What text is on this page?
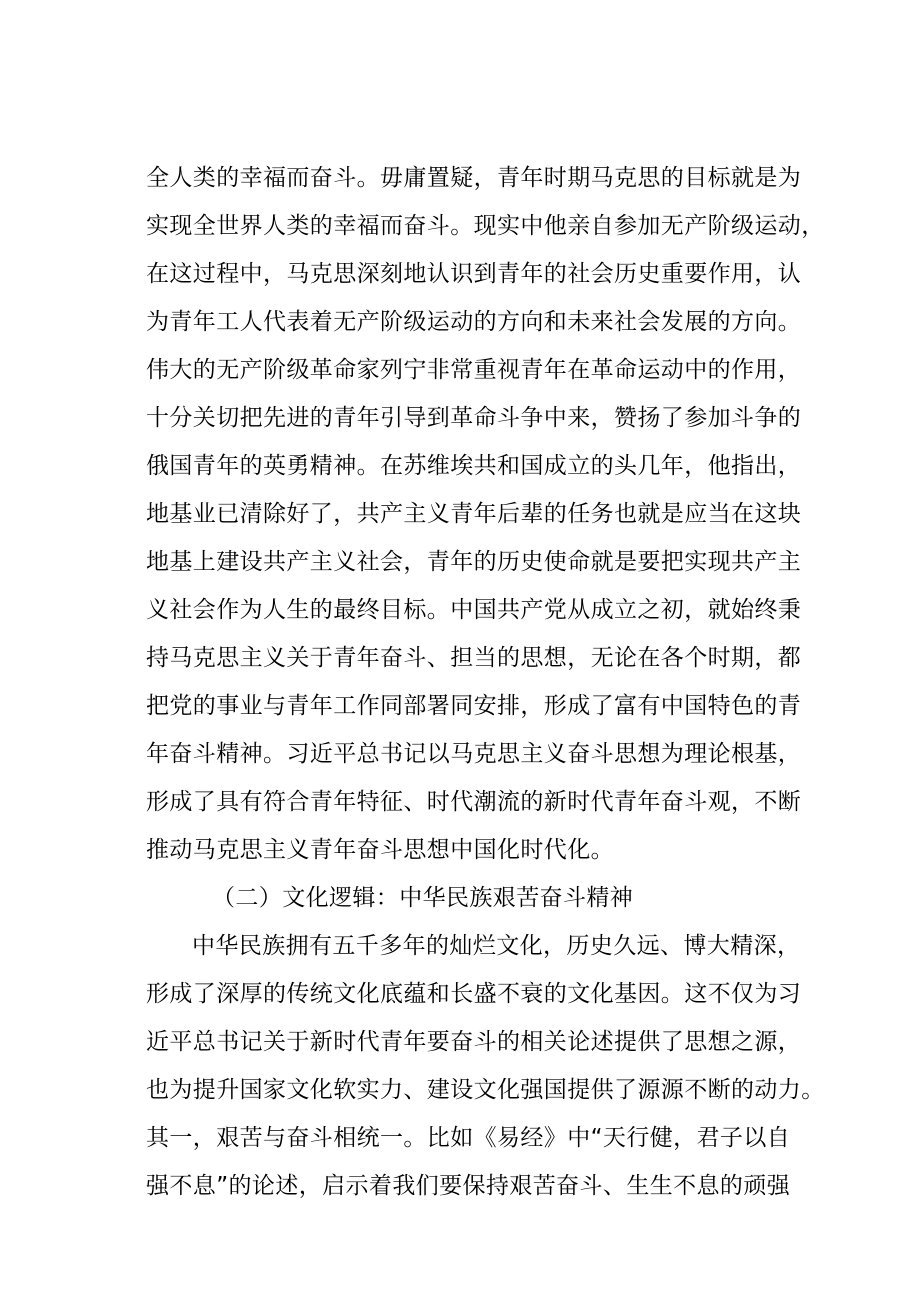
全人类的幸福而奋斗。毋庸置疑，青年时期马克思的目标就是为
实现全世界人类的幸福而奋斗。现实中他亲自参加无产阶级运动，
在这过程中，马克思深刻地认识到青年的社会历史重要作用，认
为青年工人代表着无产阶级运动的方向和未来社会发展的方向。
伟大的无产阶级革命家列宁非常重视青年在革命运动中的作用，
十分关切把先进的青年引导到革命斗争中来，赞扬了参加斗争的
俄国青年的英勇精神。在苏维埃共和国成立的头几年，他指出，
地基业已清除好了，共产主义青年后辈的任务也就是应当在这块
地基上建设共产主义社会，青年的历史使命就是要把实现共产主
义社会作为人生的最终目标。中国共产党从成立之初，就始终秉
持马克思主义关于青年奋斗、担当的思想，无论在各个时期，都
把党的事业与青年工作同部署同安排，形成了富有中国特色的青
年奋斗精神。习近平总书记以马克思主义奋斗思想为理论根基，
形成了具有符合青年特征、时代潮流的新时代青年奋斗观，不断
推动马克思主义青年奋斗思想中国化时代化。
（二）文化逻辑：中华民族艰苦奋斗精神
中华民族拥有五千多年的灿烂文化，历史久远、博大精深，
形成了深厚的传统文化底蕴和长盛不衰的文化基因。这不仅为习
近平总书记关于新时代青年要奋斗的相关论述提供了思想之源，
也为提升国家文化软实力、建设文化强国提供了源源不断的动力。
其一，艰苦与奋斗相统一。比如《易经》中“天行健，君子以自
强不息”的论述，启示着我们要保持艰苦奋斗、生生不息的顽强
